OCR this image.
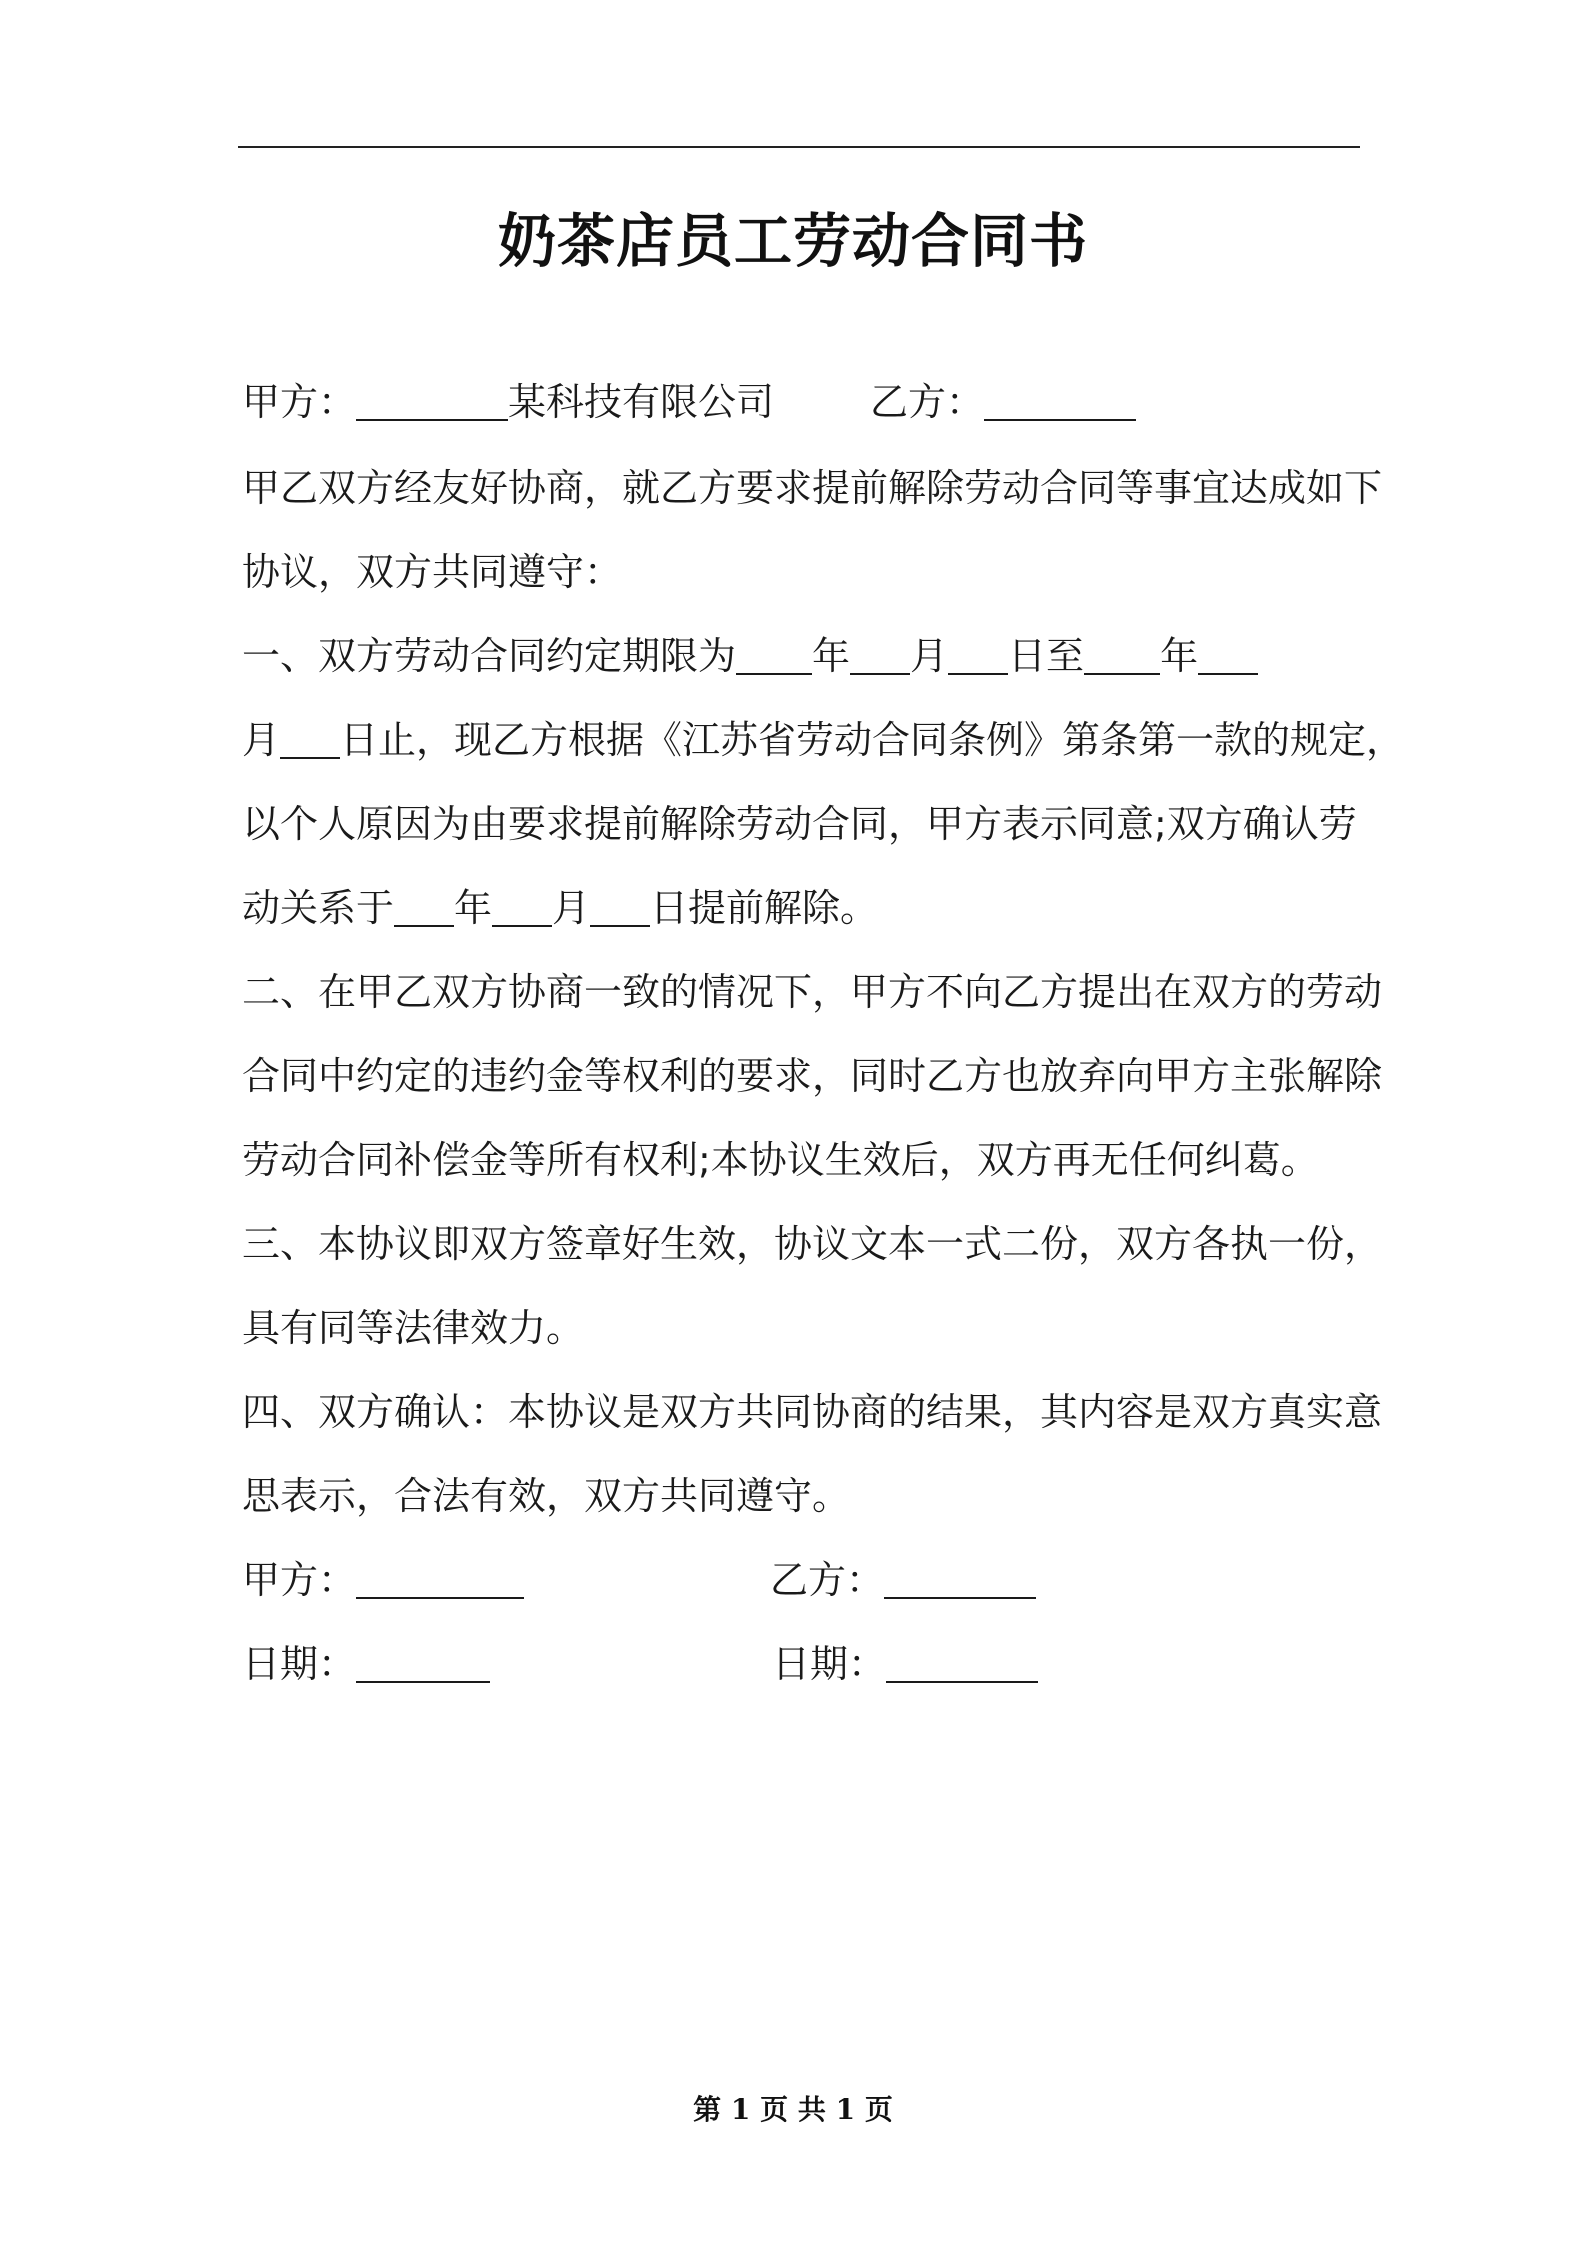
奶茶店员工劳动合同书
甲方：	某科技有限公司	乙方：
甲乙双方经友好协商，就乙方要求提前解除劳动合同等事宜达成如下
协议，双方共同遵守：
一、双方劳动合同约定期限为 年 月 日至 年
月 日止，现乙方根据《江苏省劳动合同条例》第条第一款的规定，
以个人原因为由要求提前解除劳动合同，甲方表示同意;双方确认劳
动关系于 年 月 日提前解除。
二、在甲乙双方协商一致的情况下，甲方不向乙方提出在双方的劳动
合同中约定的违约金等权利的要求，同时乙方也放弃向甲方主张解除
劳动合同补偿金等所有权利;本协议生效后，双方再无任何纠葛。
三、本协议即双方签章好生效，协议文本一式二份，双方各执一份，
具有同等法律效力。
四、双方确认：本协议是双方共同协商的结果，其内容是双方真实意
思表示，合法有效，双方共同遵守。
甲方：	乙方：
日期：	日期：
第 1 页 共 1 页
